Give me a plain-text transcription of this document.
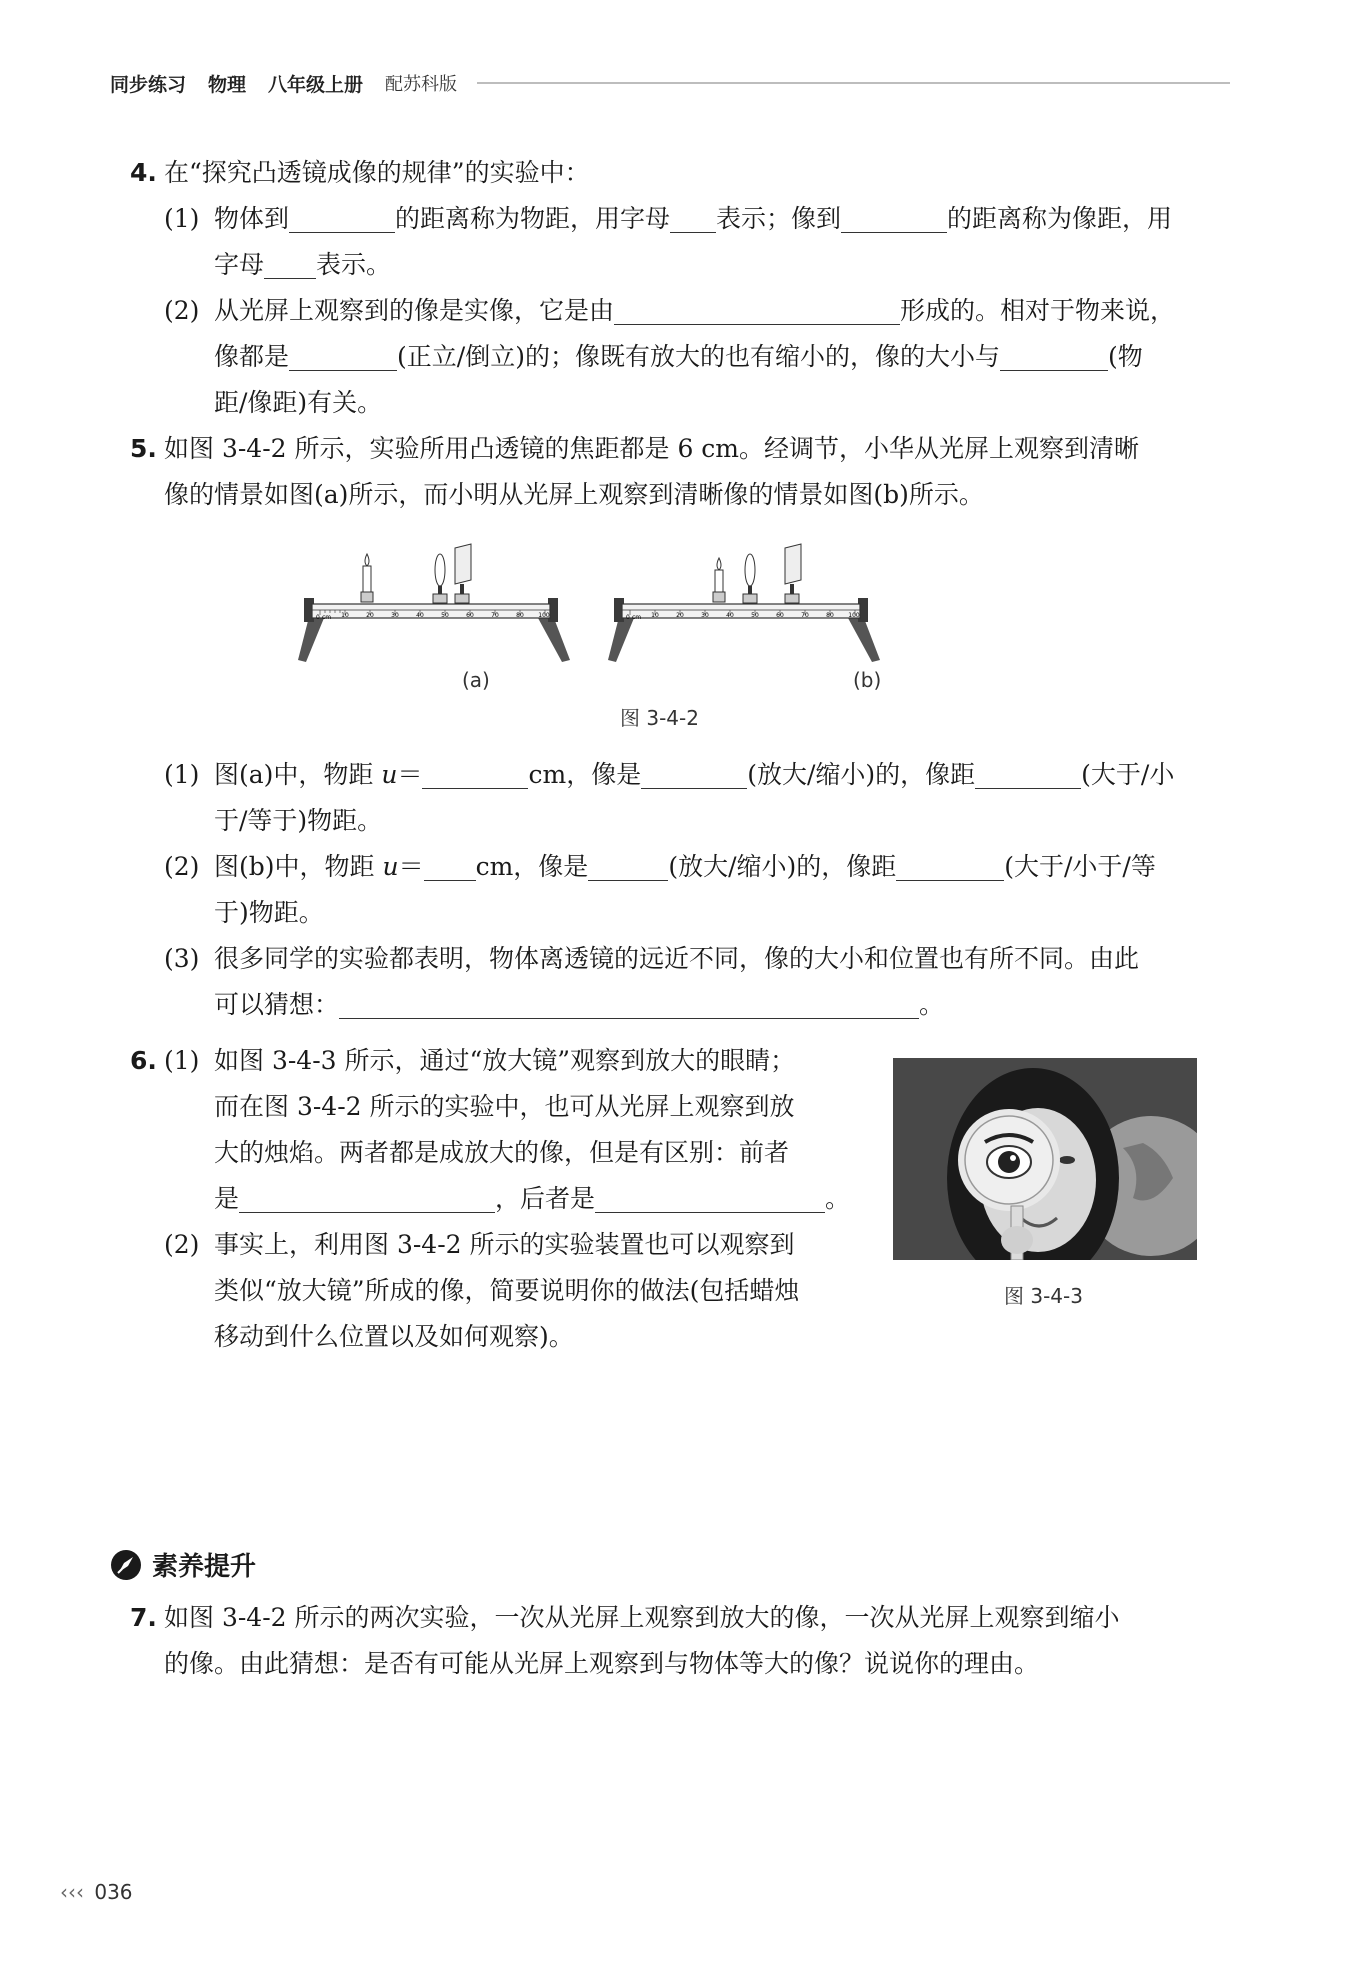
同步练习 物理 八年级上册 配苏科版
4. 在“探究凸透镜成像的规律”的实验中：
(1) 物体到	的距离称为物距，用字母 表示；像到	的距离称为像距，用
字母 表示。
(2) 从光屏上观察到的像是实像，它是由	形成的。相对于物来说，
像都是	(正立/倒立)的；像既有放大的也有缩小的，像的大小与	(物
距/像距)有关。
5. 如图 3-4-2 所示，实验所用凸透镜的焦距都是 6 cm。经调节，小华从光屏上观察到清晰
像的情景如图(a)所示，而小明从光屏上观察到清晰像的情景如图(b)所示。
0 cm 10	20	30	40	50	60	70	80 100	0 cm 10	20	30	40	50	60	70	80 100
(a)	(b)
图 3-4-2
(1) 图(a)中，物距 u＝	cm，像是	(放大/缩小)的，像距	(大于/小
于/等于)物距。
(2) 图(b)中，物距 u＝ cm，像是	(放大/缩小)的，像距	(大于/小于/等
于)物距。
(3) 很多同学的实验都表明，物体离透镜的远近不同，像的大小和位置也有所不同。由此
可以猜想：	。
6. (1) 如图 3-4-3 所示，通过“放大镜”观察到放大的眼睛；
而在图 3-4-2 所示的实验中，也可从光屏上观察到放
大的烛焰。两者都是成放大的像，但是有区别：前者
是	，后者是	。
(2) 事实上，利用图 3-4-2 所示的实验装置也可以观察到
类似“放大镜”所成的像，简要说明你的做法(包括蜡烛
移动到什么位置以及如何观察)。
图 3-4-3
素养提升
7. 如图 3-4-2 所示的两次实验，一次从光屏上观察到放大的像，一次从光屏上观察到缩小
的像。由此猜想：是否有可能从光屏上观察到与物体等大的像？说说你的理由。
‹‹‹ 036
